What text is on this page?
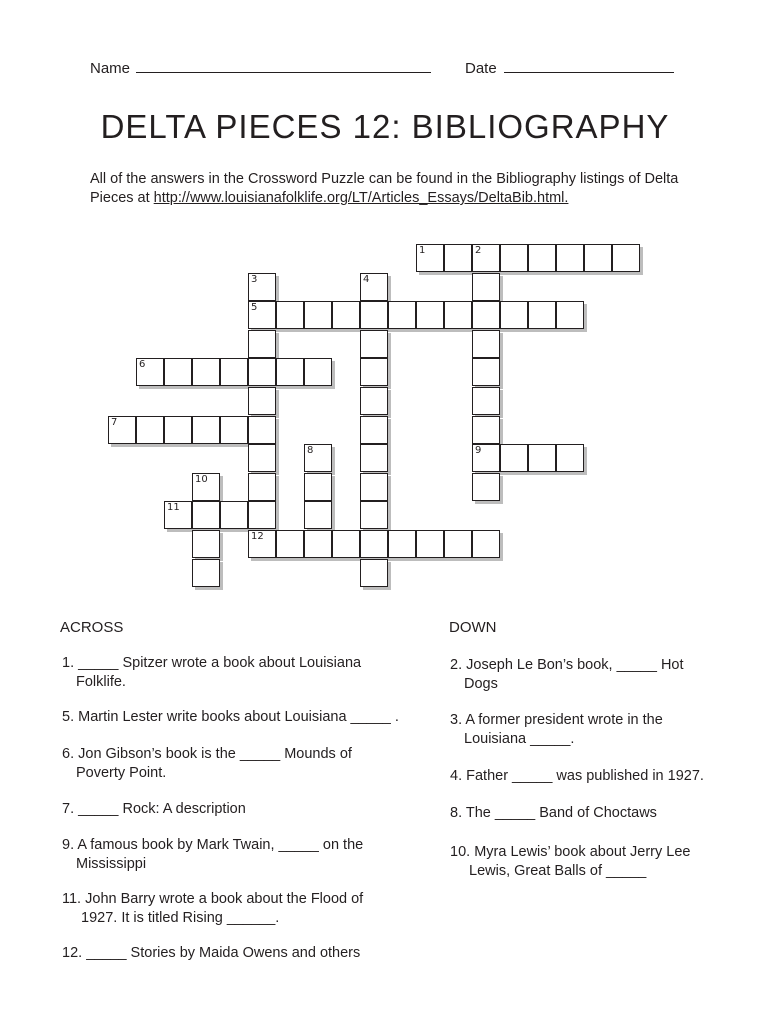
Name	Date
DELTA PIECES 12: BIBLIOGRAPHY
All of the answers in the Crossword Puzzle can be found in the Bibliography listings of Delta Pieces at http://www.louisianafolklife.org/LT/Articles_Essays/DeltaBib.html.
1	2
3	4
5
6
7
8	9
10
11
12
ACROSS
1. _____ Spitzer wrote a book about Louisiana
Folklife.
5. Martin Lester write books about Louisiana _____ .
6. Jon Gibson’s book is the _____ Mounds of
Poverty Point.
7. _____ Rock: A description
9. A famous book by Mark Twain, _____ on the
Mississippi
11. John Barry wrote a book about the Flood of
1927. It is titled Rising ______.
12. _____ Stories by Maida Owens and others
DOWN
2. Joseph Le Bon’s book, _____ Hot
Dogs
3. A former president wrote in the
Louisiana _____.
4. Father _____ was published in 1927.
8. The _____ Band of Choctaws
10. Myra Lewis’ book about Jerry Lee
Lewis, Great Balls of _____
